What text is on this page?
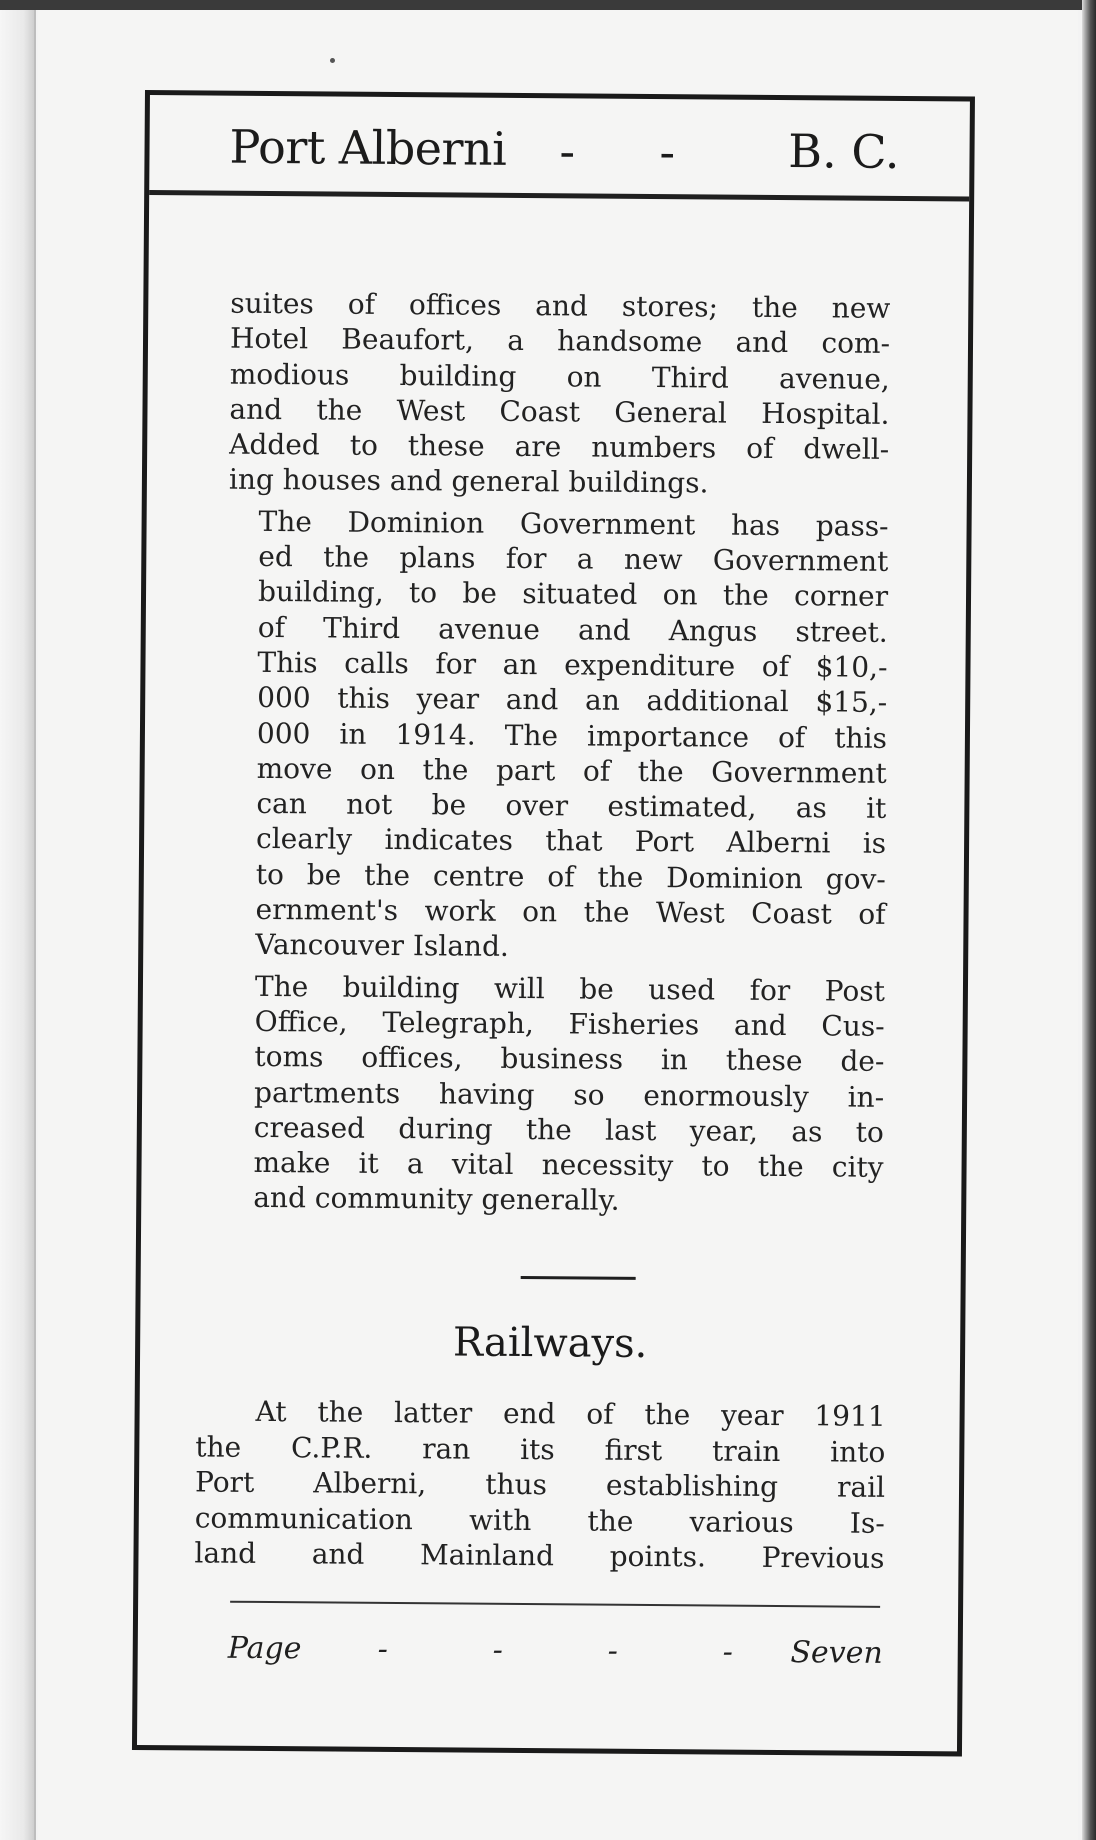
Port Alberni - - B. C.

suites of offices and stores; the new
Hotel Beaufort, a handsome and com-
modious building on Third avenue,
and the West Coast General Hospital.
Added to these are numbers of dwell-
ing houses and general buildings.

The Dominion Government has pass-
ed the plans for a new Government
building, to be situated on the corner
of Third avenue and Angus street.
This calls for an expenditure of $10,-
000 this year and an additional $15,-
000 in 1914. The importance of this
move on the part of the Government
can not be over estimated, as it
clearly indicates that Port Alberni is
to be the centre of the Dominion gov-
ernment's work on the West Coast of
Vancouver Island.

The building will be used for Post
Office, Telegraph, Fisheries and Cus-
toms offices, business in these de-
partments having so enormously in-
creased during the last year, as to
make it a vital necessity to the city
and community generally.

Railways.

At the latter end of the year 1911
the C.P.R. ran its first train into
Port Alberni, thus establishing rail
communication with the various Is-
land and Mainland points. Previous

Page	-	-	-	- Seven
